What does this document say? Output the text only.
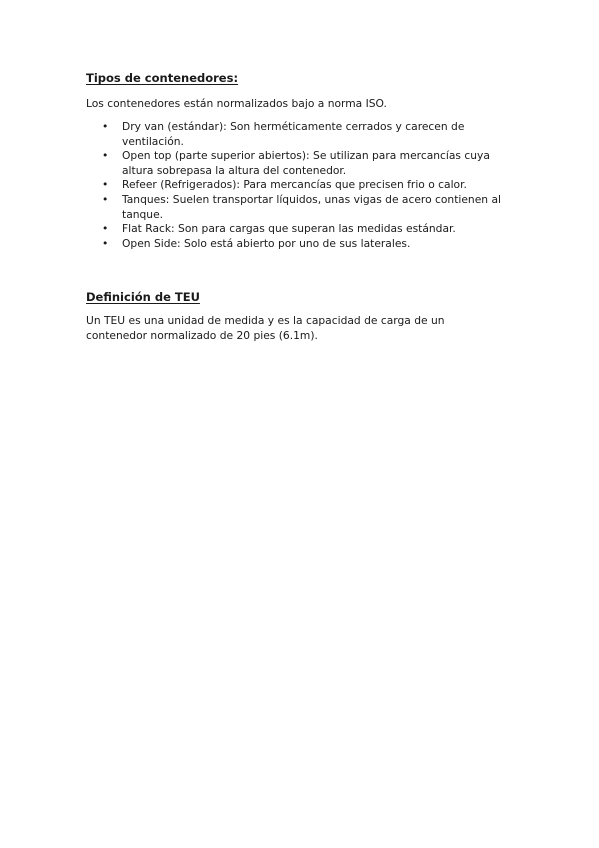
Tipos de contenedores:

Los contenedores están normalizados bajo a norma ISO.

• Dry van (estándar): Son herméticamente cerrados y carecen de ventilación.
• Open top (parte superior abiertos): Se utilizan para mercancías cuya altura sobrepasa la altura del contenedor.
• Refeer (Refrigerados): Para mercancías que precisen frio o calor.
• Tanques: Suelen transportar líquidos, unas vigas de acero contienen al tanque.
• Flat Rack: Son para cargas que superan las medidas estándar.
• Open Side: Solo está abierto por uno de sus laterales.
Definición de TEU

Un TEU es una unidad de medida y es la capacidad de carga de un contenedor normalizado de 20 pies (6.1m).
